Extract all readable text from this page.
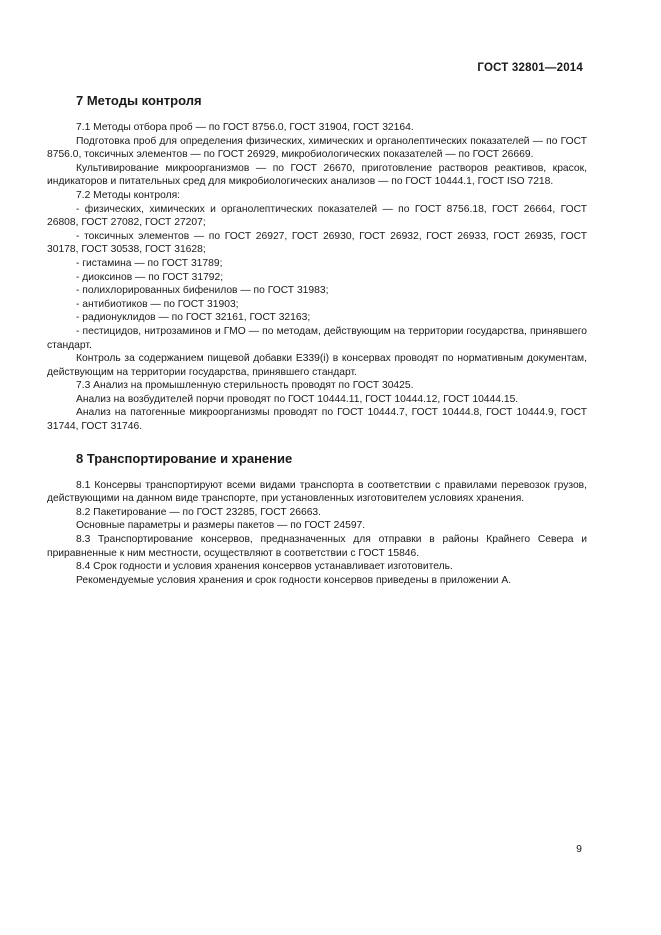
ГОСТ 32801—2014
7 Методы контроля

7.1 Методы отбора проб — по ГОСТ 8756.0, ГОСТ 31904, ГОСТ 32164.

Подготовка проб для определения физических, химических и органолептических показателей — по ГОСТ 8756.0, токсичных элементов — по ГОСТ 26929, микробиологических показателей — по ГОСТ 26669.

Культивирование микроорганизмов — по ГОСТ 26670, приготовление растворов реактивов, красок, индикаторов и питательных сред для микробиологических анализов — по ГОСТ 10444.1, ГОСТ ISO 7218.

7.2 Методы контроля:

- физических, химических и органолептических показателей — по ГОСТ 8756.18, ГОСТ 26664, ГОСТ 26808, ГОСТ 27082, ГОСТ 27207;

- токсичных элементов — по ГОСТ 26927, ГОСТ 26930, ГОСТ 26932, ГОСТ 26933, ГОСТ 26935, ГОСТ 30178, ГОСТ 30538, ГОСТ 31628;

- гистамина — по ГОСТ 31789;

- диоксинов — по ГОСТ 31792;

- полихлорированных бифенилов — по ГОСТ 31983;

- антибиотиков — по ГОСТ 31903;

- радионуклидов — по ГОСТ 32161, ГОСТ 32163;

- пестицидов, нитрозаминов и ГМО — по методам, действующим на территории государства, принявшего стандарт.

Контроль за содержанием пищевой добавки Е339(i) в консервах проводят по нормативным документам, действующим на территории государства, принявшего стандарт.

7.3 Анализ на промышленную стерильность проводят по ГОСТ 30425.

Анализ на возбудителей порчи проводят по ГОСТ 10444.11, ГОСТ 10444.12, ГОСТ 10444.15.

Анализ на патогенные микроорганизмы проводят по ГОСТ 10444.7, ГОСТ 10444.8, ГОСТ 10444.9, ГОСТ 31744, ГОСТ 31746.

8 Транспортирование и хранение

8.1 Консервы транспортируют всеми видами транспорта в соответствии с правилами перевозок грузов, действующими на данном виде транспорте, при установленных изготовителем условиях хранения.

8.2 Пакетирование — по ГОСТ 23285, ГОСТ 26663.

Основные параметры и размеры пакетов — по ГОСТ 24597.

8.3 Транспортирование консервов, предназначенных для отправки в районы Крайнего Севера и приравненные к ним местности, осуществляют в соответствии с ГОСТ 15846.

8.4 Срок годности и условия хранения консервов устанавливает изготовитель.

Рекомендуемые условия хранения и срок годности консервов приведены в приложении А.

9
